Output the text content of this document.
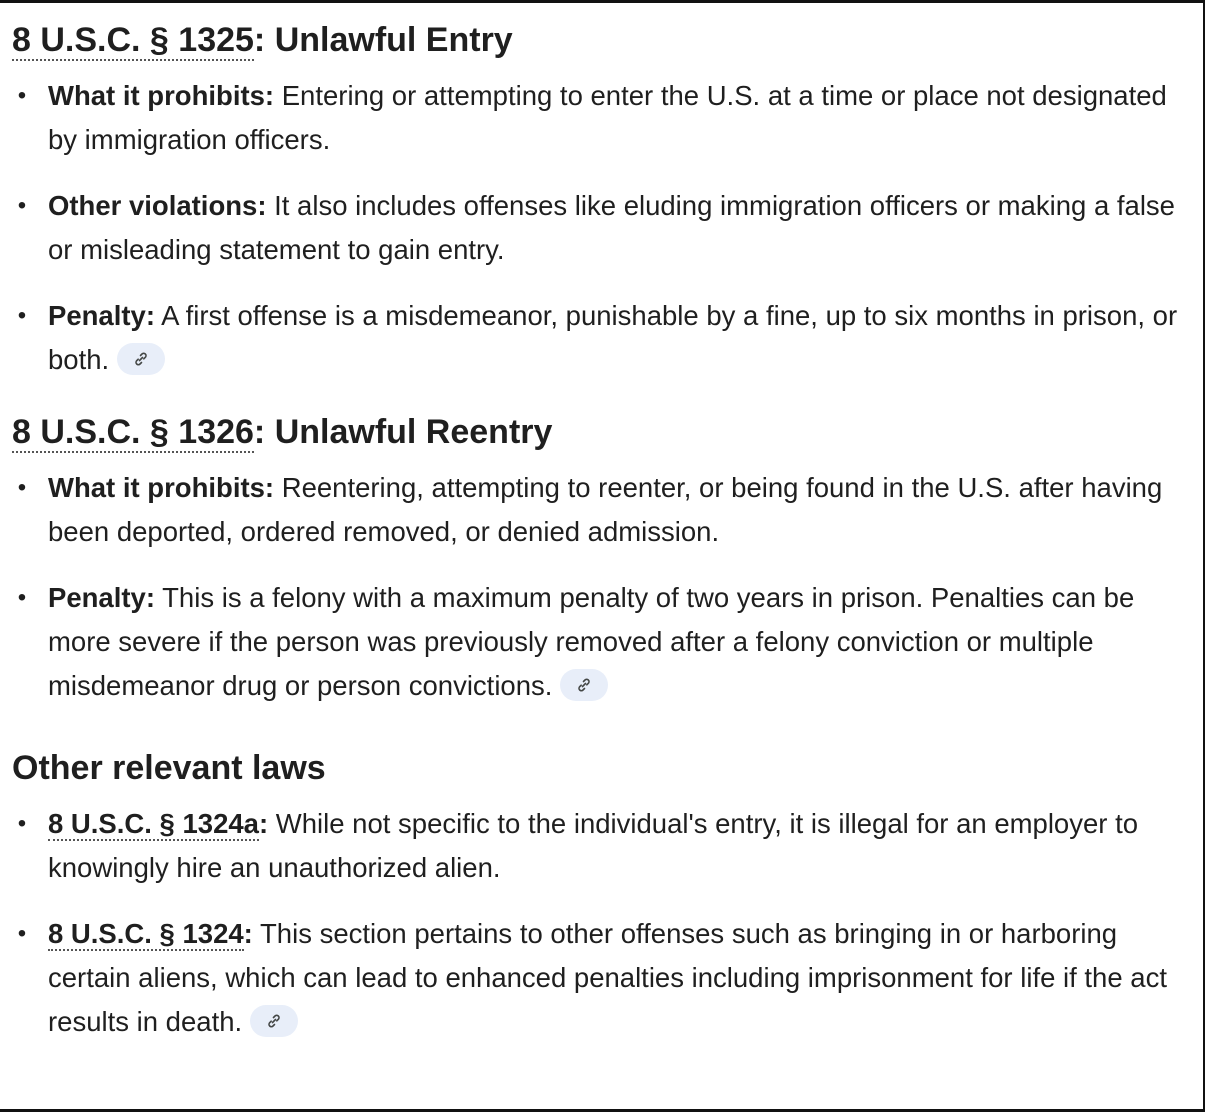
8 U.S.C. § 1325: Unlawful Entry
• What it prohibits: Entering or attempting to enter the U.S. at a time or place not designated by immigration officers.
• Other violations: It also includes offenses like eluding immigration officers or making a false or misleading statement to gain entry.
• Penalty: A first offense is a misdemeanor, punishable by a fine, up to six months in prison, or both.
8 U.S.C. § 1326: Unlawful Reentry
• What it prohibits: Reentering, attempting to reenter, or being found in the U.S. after having been deported, ordered removed, or denied admission.
• Penalty: This is a felony with a maximum penalty of two years in prison. Penalties can be more severe if the person was previously removed after a felony conviction or multiple misdemeanor drug or person convictions.
Other relevant laws
• 8 U.S.C. § 1324a: While not specific to the individual's entry, it is illegal for an employer to knowingly hire an unauthorized alien.
• 8 U.S.C. § 1324: This section pertains to other offenses such as bringing in or harboring certain aliens, which can lead to enhanced penalties including imprisonment for life if the act results in death.
